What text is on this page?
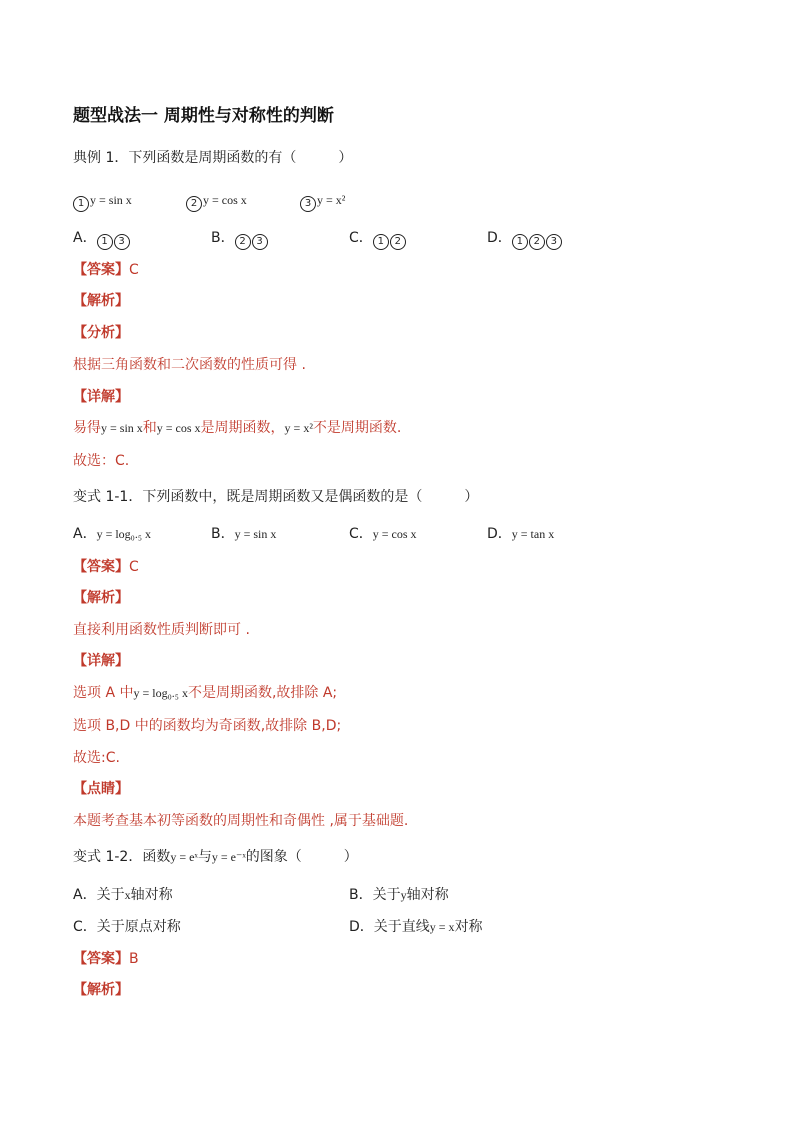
题型战法一 周期性与对称性的判断
典例 1．下列函数是周期函数的有（　　　）
1 y = sin x	2 y = cos x	3 y = x²
A． 1 3	B． 2 3	C． 1 2	D． 1 2 3
【答案】C
【解析】
【分析】
根据三角函数和二次函数的性质可得 .
【详解】
易得y = sin x和y = cos x是周期函数，y = x²不是周期函数.
故选：C.
变式 1-1．下列函数中，既是周期函数又是偶函数的是（　　　）
A．y = log₀.₅ x	B．y = sin x	C．y = cos x	D．y = tan x
【答案】C
【解析】
直接利用函数性质判断即可 .
【详解】
选项 A 中y = log₀.₅ x不是周期函数,故排除 A;
选项 B,D 中的函数均为奇函数,故排除 B,D;
故选:C.
【点睛】
本题考查基本初等函数的周期性和奇偶性 ,属于基础题.
变式 1-2．函数y = eˣ与y = e⁻ˣ的图象（　　　）
A．关于x轴对称	B．关于y轴对称
C．关于原点对称	D．关于直线y = x对称
【答案】B
【解析】
